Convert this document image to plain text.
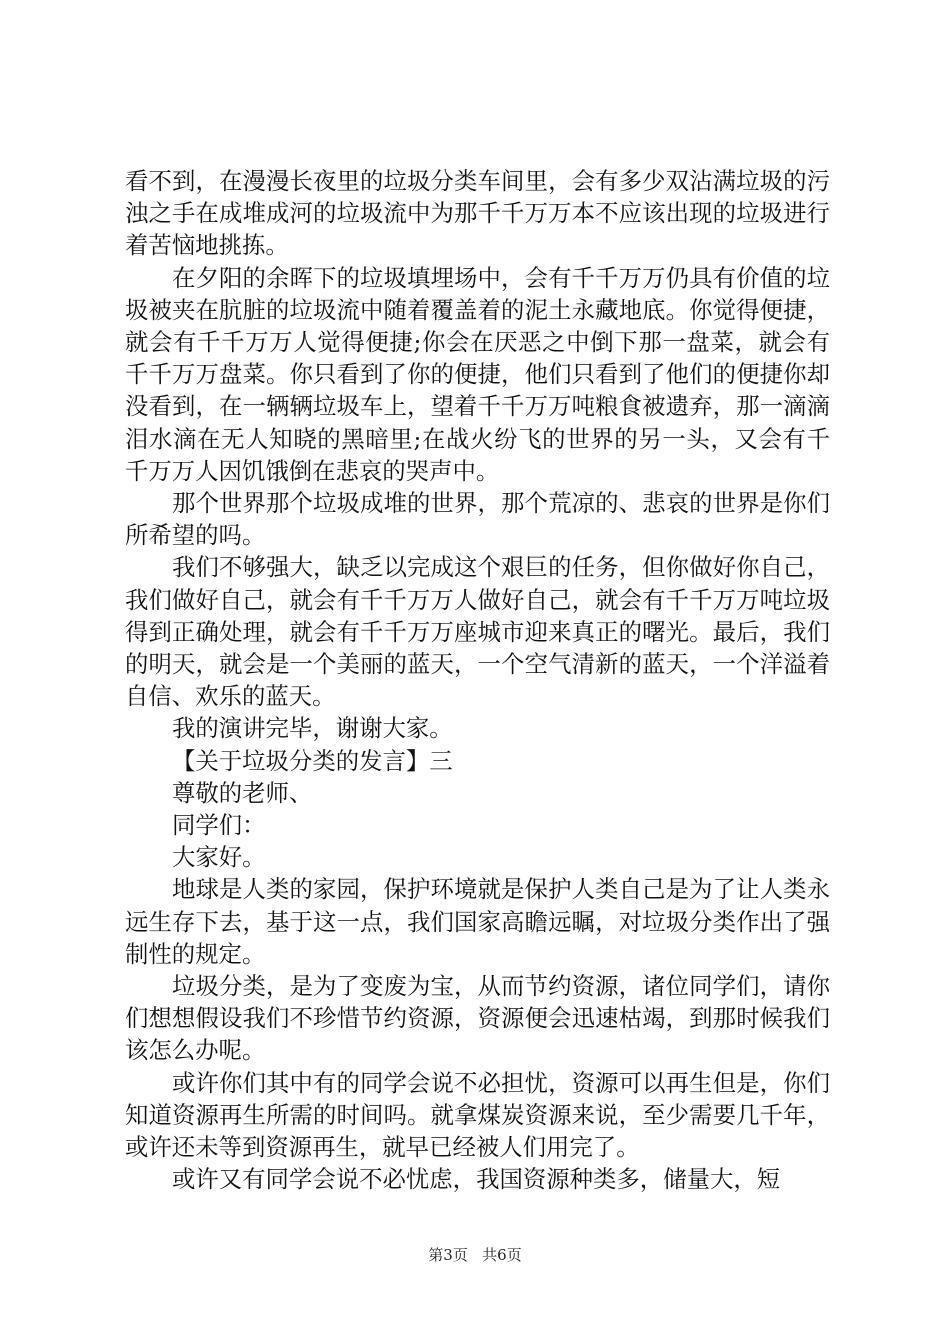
看不到，在漫漫长夜里的垃圾分类车间里，会有多少双沾满垃圾的污浊之手在成堆成河的垃圾流中为那千千万万本不应该出现的垃圾进行着苦恼地挑拣。

在夕阳的余晖下的垃圾填埋场中，会有千千万万仍具有价值的垃圾被夹在肮脏的垃圾流中随着覆盖着的泥土永藏地底。你觉得便捷，就会有千千万万人觉得便捷;你会在厌恶之中倒下那一盘菜，就会有千千万万盘菜。你只看到了你的便捷，他们只看到了他们的便捷你却没看到，在一辆辆垃圾车上，望着千千万万吨粮食被遗弃，那一滴滴泪水滴在无人知晓的黑暗里;在战火纷飞的世界的另一头，又会有千千万万人因饥饿倒在悲哀的哭声中。

那个世界那个垃圾成堆的世界，那个荒凉的、悲哀的世界是你们所希望的吗。

我们不够强大，缺乏以完成这个艰巨的任务，但你做好你自己，我们做好自己，就会有千千万万人做好自己，就会有千千万万吨垃圾得到正确处理，就会有千千万万座城市迎来真正的曙光。最后，我们的明天，就会是一个美丽的蓝天，一个空气清新的蓝天，一个洋溢着自信、欢乐的蓝天。

我的演讲完毕，谢谢大家。

【关于垃圾分类的发言】三

尊敬的老师、

同学们：

大家好。

地球是人类的家园，保护环境就是保护人类自己是为了让人类永远生存下去，基于这一点，我们国家高瞻远瞩，对垃圾分类作出了强制性的规定。

垃圾分类，是为了变废为宝，从而节约资源，诸位同学们，请你们想想假设我们不珍惜节约资源，资源便会迅速枯竭，到那时候我们该怎么办呢。

或许你们其中有的同学会说不必担忧，资源可以再生但是，你们知道资源再生所需的时间吗。就拿煤炭资源来说，至少需要几千年，或许还未等到资源再生，就早已经被人们用完了。

或许又有同学会说不必忧虑，我国资源种类多，储量大，短

第3页 共6页
